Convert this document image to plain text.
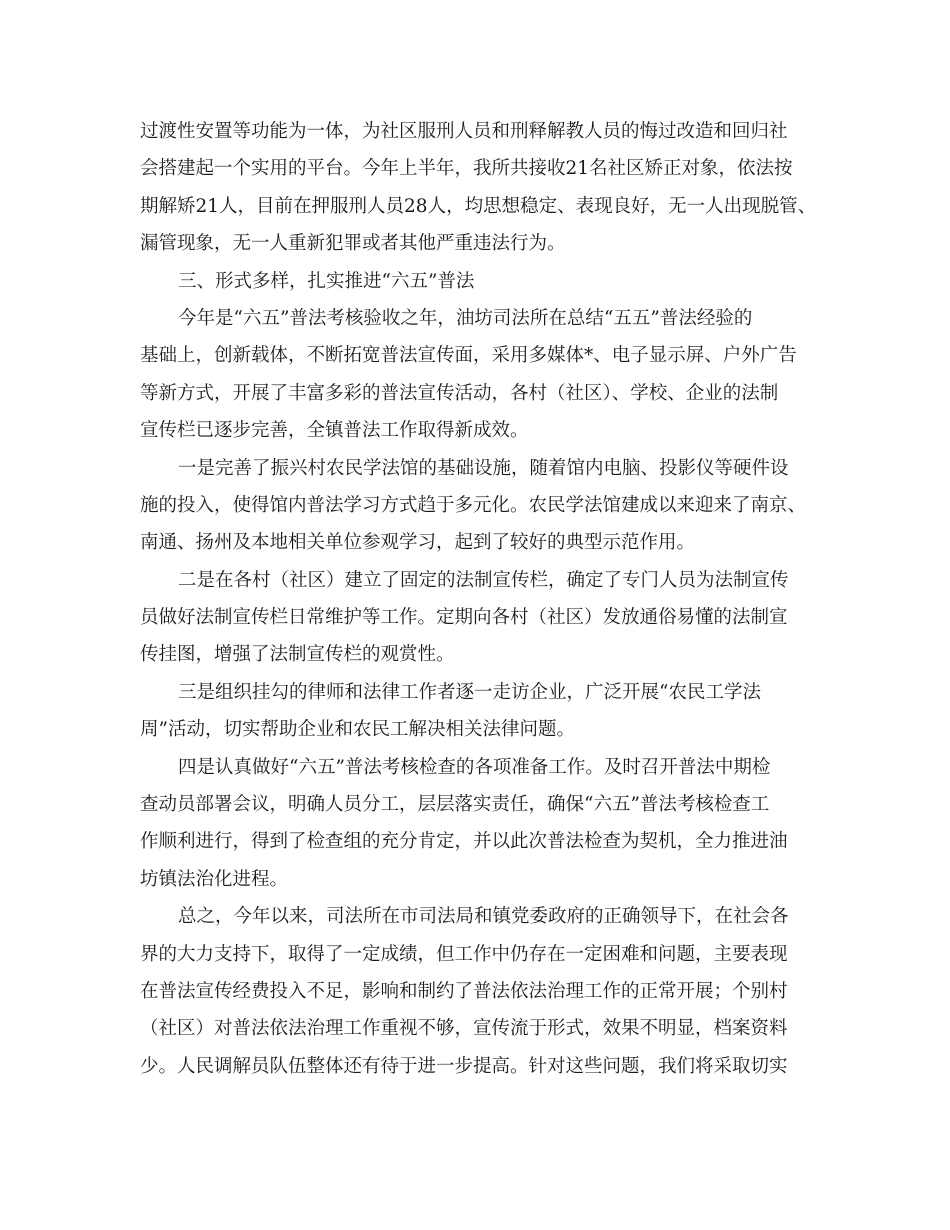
过渡性安置等功能为一体，为社区服刑人员和刑释解教人员的悔过改造和回归社
会搭建起一个实用的平台。今年上半年，我所共接收21名社区矫正对象，依法按
期解矫21人，目前在押服刑人员28人，均思想稳定、表现良好，无一人出现脱管、
漏管现象，无一人重新犯罪或者其他严重违法行为。
三、形式多样，扎实推进“六五”普法
今年是“六五”普法考核验收之年，油坊司法所在总结“五五”普法经验的
基础上，创新载体，不断拓宽普法宣传面，采用多媒体*、电子显示屏、户外广告
等新方式，开展了丰富多彩的普法宣传活动，各村（社区）、学校、企业的法制
宣传栏已逐步完善，全镇普法工作取得新成效。
一是完善了振兴村农民学法馆的基础设施，随着馆内电脑、投影仪等硬件设
施的投入，使得馆内普法学习方式趋于多元化。农民学法馆建成以来迎来了南京、
南通、扬州及本地相关单位参观学习，起到了较好的典型示范作用。
二是在各村（社区）建立了固定的法制宣传栏，确定了专门人员为法制宣传
员做好法制宣传栏日常维护等工作。定期向各村（社区）发放通俗易懂的法制宣
传挂图，增强了法制宣传栏的观赏性。
三是组织挂勾的律师和法律工作者逐一走访企业，广泛开展“农民工学法
周”活动，切实帮助企业和农民工解决相关法律问题。
四是认真做好“六五”普法考核检查的各项准备工作。及时召开普法中期检
查动员部署会议，明确人员分工，层层落实责任，确保“六五”普法考核检查工
作顺利进行，得到了检查组的充分肯定，并以此次普法检查为契机，全力推进油
坊镇法治化进程。
总之，今年以来，司法所在市司法局和镇党委政府的正确领导下，在社会各
界的大力支持下，取得了一定成绩，但工作中仍存在一定困难和问题，主要表现
在普法宣传经费投入不足，影响和制约了普法依法治理工作的正常开展；个别村
（社区）对普法依法治理工作重视不够，宣传流于形式，效果不明显，档案资料
少。人民调解员队伍整体还有待于进一步提高。针对这些问题，我们将采取切实
